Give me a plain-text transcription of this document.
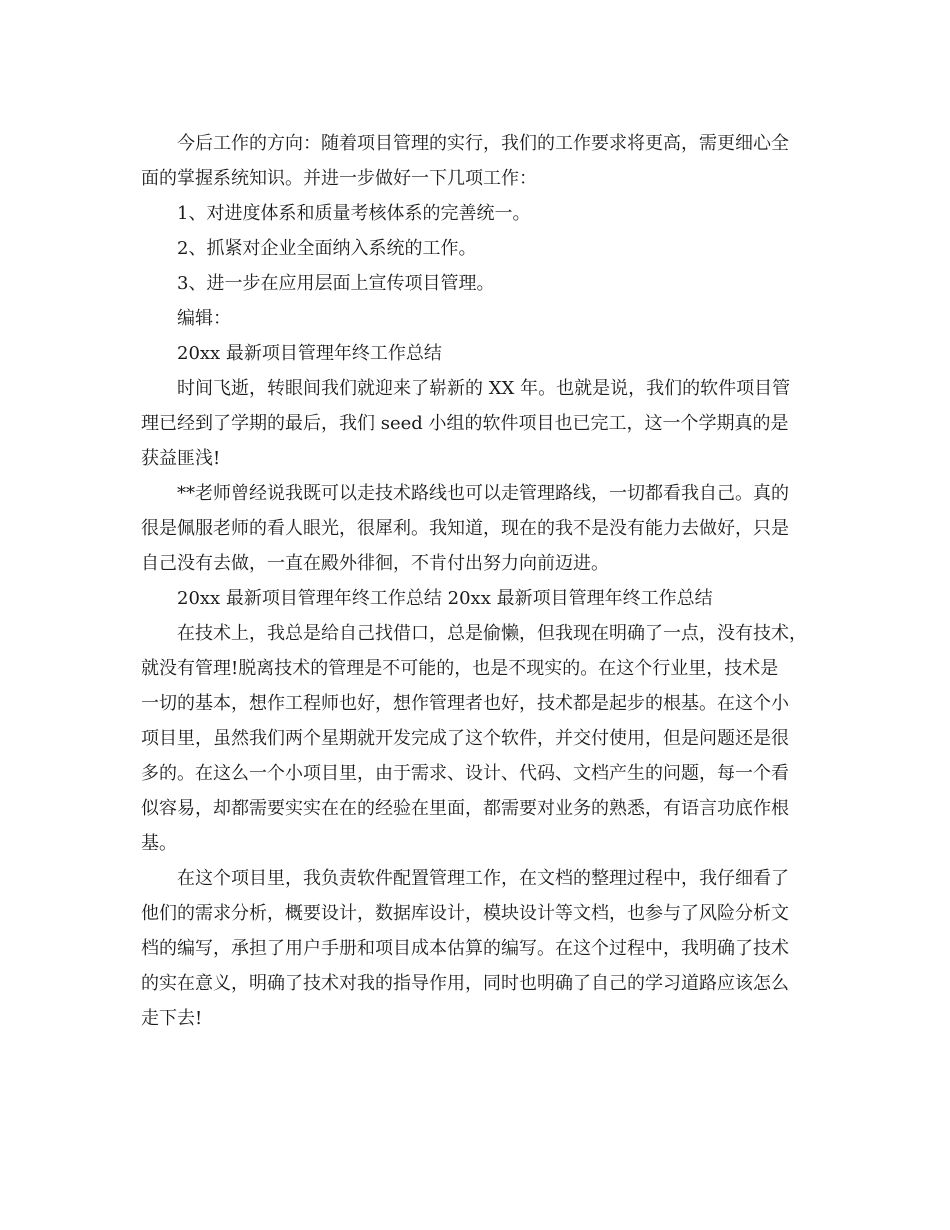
今后工作的方向：随着项目管理的实行，我们的工作要求将更高，需更细心全
面的掌握系统知识。并进一步做好一下几项工作：
1、对进度体系和质量考核体系的完善统一。
2、抓紧对企业全面纳入系统的工作。
3、进一步在应用层面上宣传项目管理。
编辑：
20xx 最新项目管理年终工作总结
时间飞逝，转眼间我们就迎来了崭新的 XX 年。也就是说，我们的软件项目管
理已经到了学期的最后，我们 seed 小组的软件项目也已完工，这一个学期真的是
获益匪浅!
**老师曾经说我既可以走技术路线也可以走管理路线，一切都看我自己。真的
很是佩服老师的看人眼光，很犀利。我知道，现在的我不是没有能力去做好，只是
自己没有去做，一直在殿外徘徊，不肯付出努力向前迈进。
20xx 最新项目管理年终工作总结 20xx 最新项目管理年终工作总结
在技术上，我总是给自己找借口，总是偷懒，但我现在明确了一点，没有技术，
就没有管理!脱离技术的管理是不可能的，也是不现实的。在这个行业里，技术是
一切的基本，想作工程师也好，想作管理者也好，技术都是起步的根基。在这个小
项目里，虽然我们两个星期就开发完成了这个软件，并交付使用，但是问题还是很
多的。在这么一个小项目里，由于需求、设计、代码、文档产生的问题，每一个看
似容易，却都需要实实在在的经验在里面，都需要对业务的熟悉，有语言功底作根
基。
在这个项目里，我负责软件配置管理工作，在文档的整理过程中，我仔细看了
他们的需求分析，概要设计，数据库设计，模块设计等文档，也参与了风险分析文
档的编写，承担了用户手册和项目成本估算的编写。在这个过程中，我明确了技术
的实在意义，明确了技术对我的指导作用，同时也明确了自己的学习道路应该怎么
走下去!
